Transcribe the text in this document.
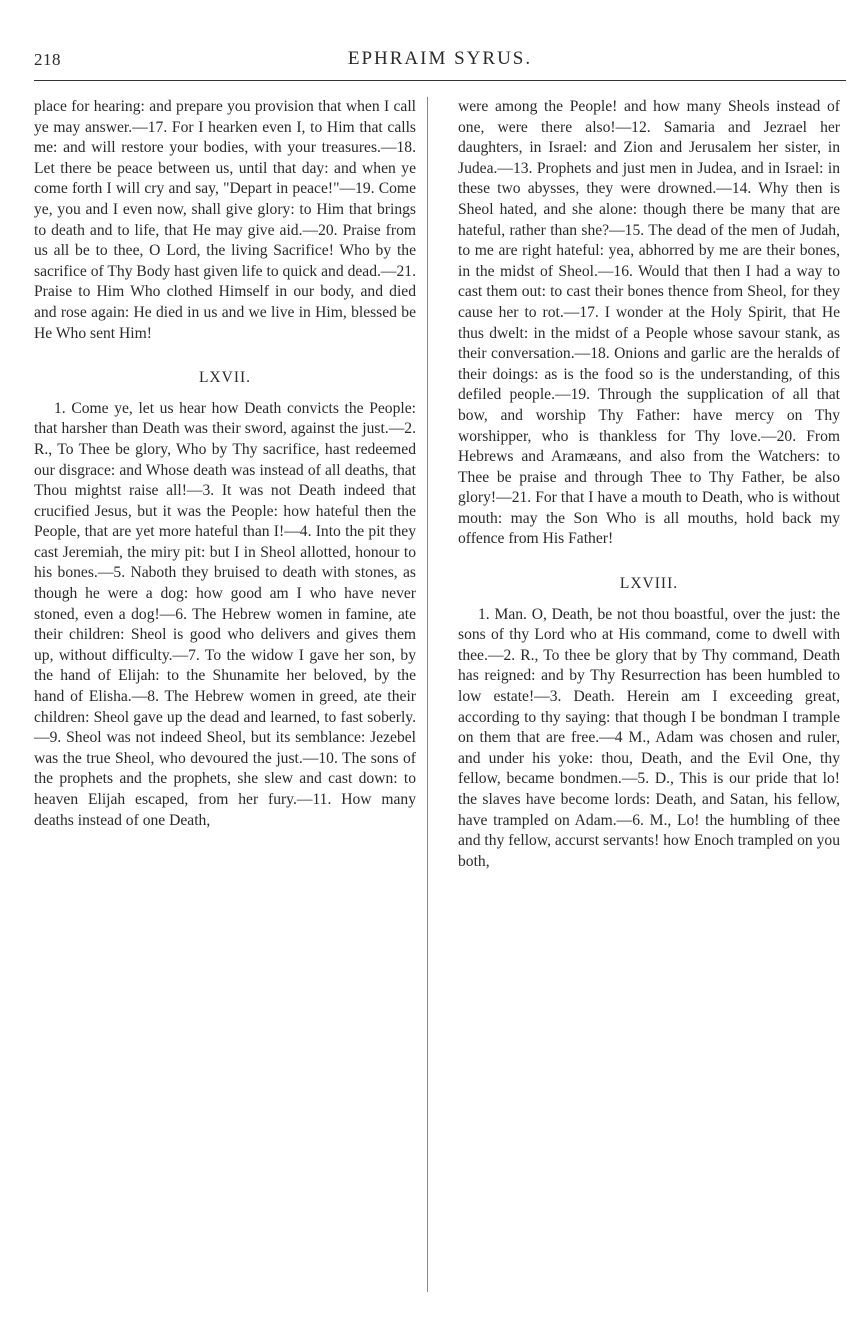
218	EPHRAIM SYRUS.

place for hearing: and prepare you provision that when I call ye may answer.—17. For I hearken even I, to Him that calls me: and will restore your bodies, with your treasures.—18. Let there be peace between us, until that day: and when ye come forth I will cry and say, "Depart in peace!"—19. Come ye, you and I even now, shall give glory: to Him that brings to death and to life, that He may give aid.—20. Praise from us all be to thee, O Lord, the living Sacrifice! Who by the sacrifice of Thy Body hast given life to quick and dead.—21. Praise to Him Who clothed Himself in our body, and died and rose again: He died in us and we live in Him, blessed be He Who sent Him!

LXVII.

1. Come ye, let us hear how Death convicts the People: that harsher than Death was their sword, against the just.—2. R., To Thee be glory, Who by Thy sacrifice, hast redeemed our disgrace: and Whose death was instead of all deaths, that Thou mightst raise all!—3. It was not Death indeed that crucified Jesus, but it was the People: how hateful then the People, that are yet more hateful than I!—4. Into the pit they cast Jeremiah, the miry pit: but I in Sheol allotted, honour to his bones.—5. Naboth they bruised to death with stones, as though he were a dog: how good am I who have never stoned, even a dog!—6. The Hebrew women in famine, ate their children: Sheol is good who delivers and gives them up, without difficulty.—7. To the widow I gave her son, by the hand of Elijah: to the Shunamite her beloved, by the hand of Elisha.—8. The Hebrew women in greed, ate their children: Sheol gave up the dead and learned, to fast soberly.—9. Sheol was not indeed Sheol, but its semblance: Jezebel was the true Sheol, who devoured the just.—10. The sons of the prophets and the prophets, she slew and cast down: to heaven Elijah escaped, from her fury.—11. How many deaths instead of one Death,

were among the People! and how many Sheols instead of one, were there also!—12. Samaria and Jezrael her daughters, in Israel: and Zion and Jerusalem her sister, in Judea.—13. Prophets and just men in Judea, and in Israel: in these two abysses, they were drowned.—14. Why then is Sheol hated, and she alone: though there be many that are hateful, rather than she?—15. The dead of the men of Judah, to me are right hateful: yea, abhorred by me are their bones, in the midst of Sheol.—16. Would that then I had a way to cast them out: to cast their bones thence from Sheol, for they cause her to rot.—17. I wonder at the Holy Spirit, that He thus dwelt: in the midst of a People whose savour stank, as their conversation.—18. Onions and garlic are the heralds of their doings: as is the food so is the understanding, of this defiled people.—19. Through the supplication of all that bow, and worship Thy Father: have mercy on Thy worshipper, who is thankless for Thy love.—20. From Hebrews and Aramæans, and also from the Watchers: to Thee be praise and through Thee to Thy Father, be also glory!—21. For that I have a mouth to Death, who is without mouth: may the Son Who is all mouths, hold back my offence from His Father!

LXVIII.

1. Man. O, Death, be not thou boastful, over the just: the sons of thy Lord who at His command, come to dwell with thee.—2. R., To thee be glory that by Thy command, Death has reigned: and by Thy Resurrection has been humbled to low estate!—3. Death. Herein am I exceeding great, according to thy saying: that though I be bondman I trample on them that are free.—4 M., Adam was chosen and ruler, and under his yoke: thou, Death, and the Evil One, thy fellow, became bondmen.—5. D., This is our pride that lo! the slaves have become lords: Death, and Satan, his fellow, have trampled on Adam.—6. M., Lo! the humbling of thee and thy fellow, accurst servants! how Enoch trampled on you both,
